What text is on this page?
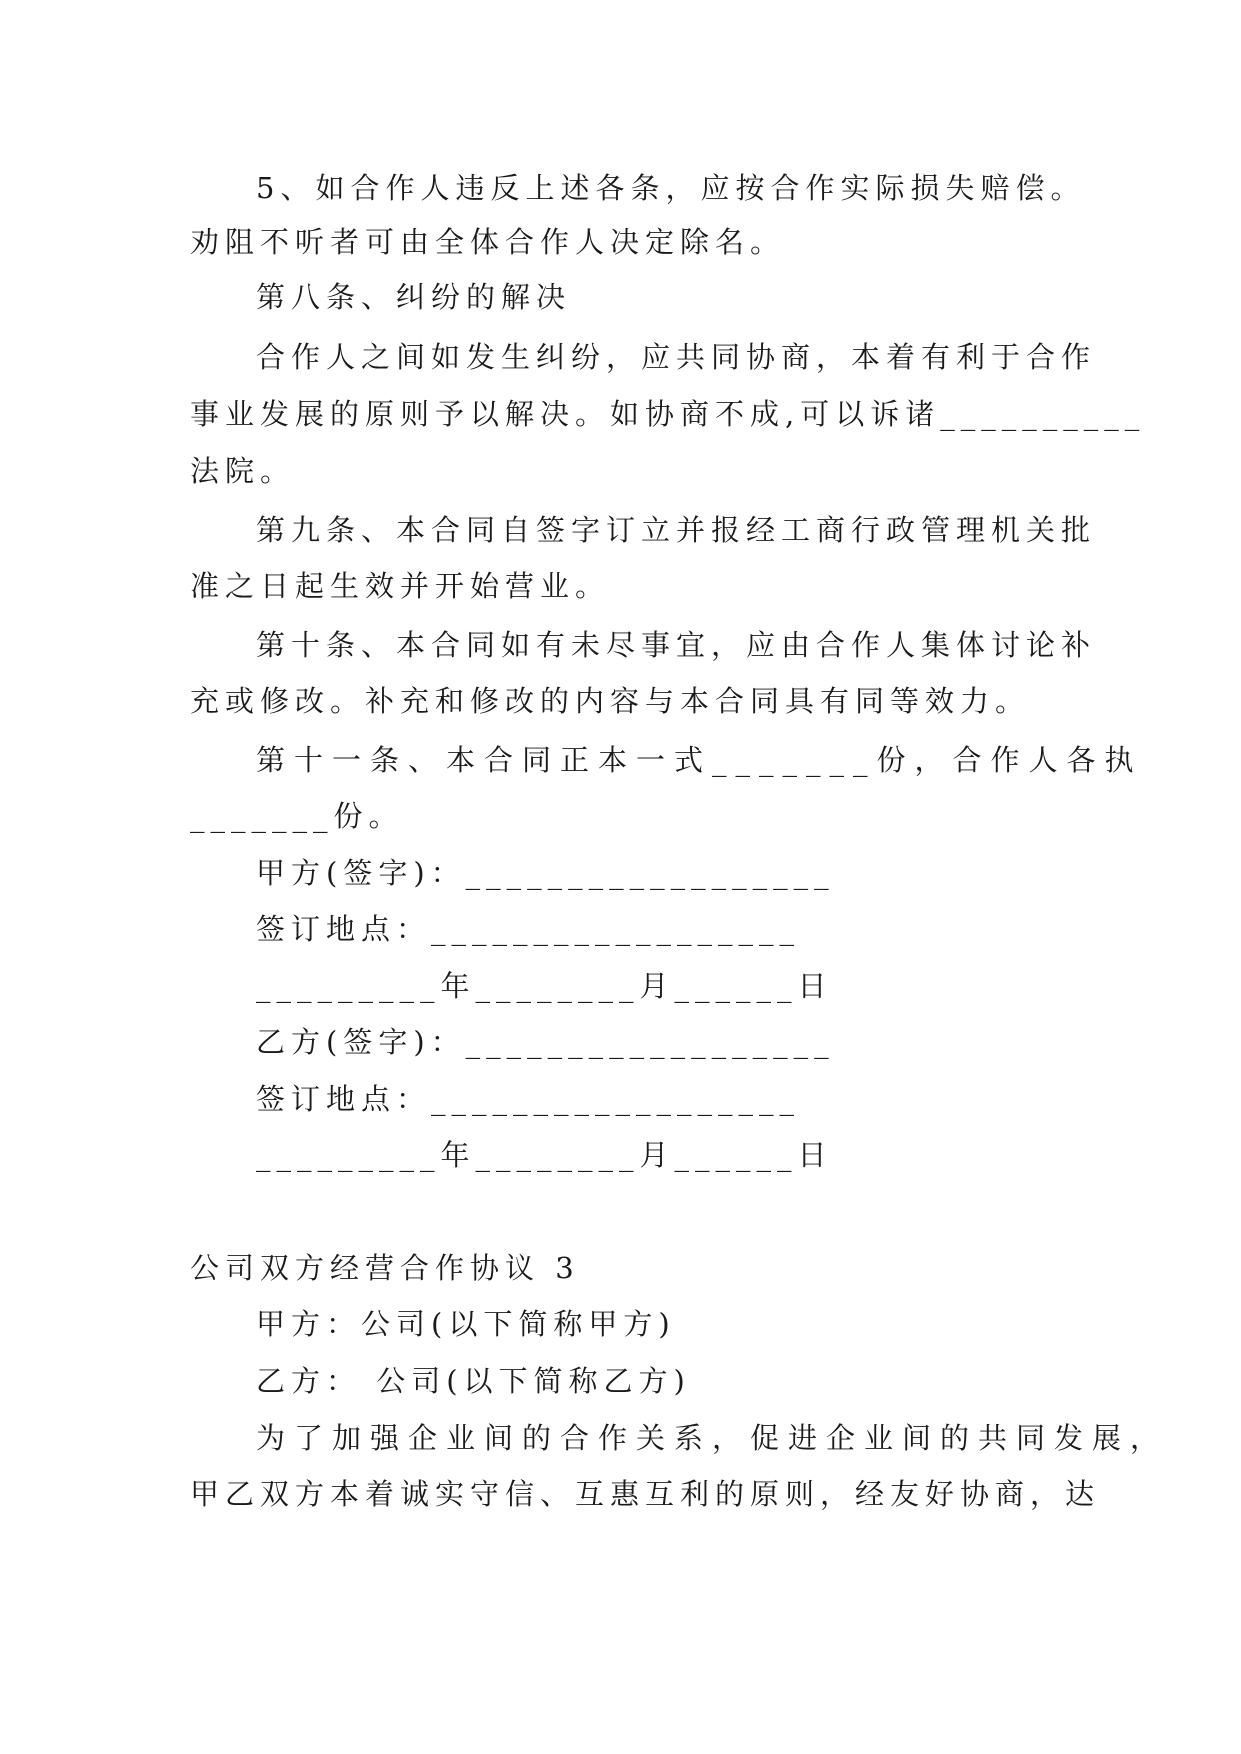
5、如合作人违反上述各条，应按合作实际损失赔偿。
劝阻不听者可由全体合作人决定除名。
第八条、纠纷的解决
合作人之间如发生纠纷，应共同协商，本着有利于合作
事业发展的原则予以解决。如协商不成,可以诉诸__________
法院。
第九条、本合同自签字订立并报经工商行政管理机关批
准之日起生效并开始营业。
第十条、本合同如有未尽事宜，应由合作人集体讨论补
充或修改。补充和修改的内容与本合同具有同等效力。
第十一条、本合同正本一式_______份，合作人各执
_______份。
甲方(签字)：__________________
签订地点：__________________
_________年________月______日
乙方(签字)：__________________
签订地点：__________________
_________年________月______日
公司双方经营合作协议 3
甲方：公司(以下简称甲方)
乙方： 公司(以下简称乙方)
为了加强企业间的合作关系，促进企业间的共同发展，
甲乙双方本着诚实守信、互惠互利的原则，经友好协商，达
